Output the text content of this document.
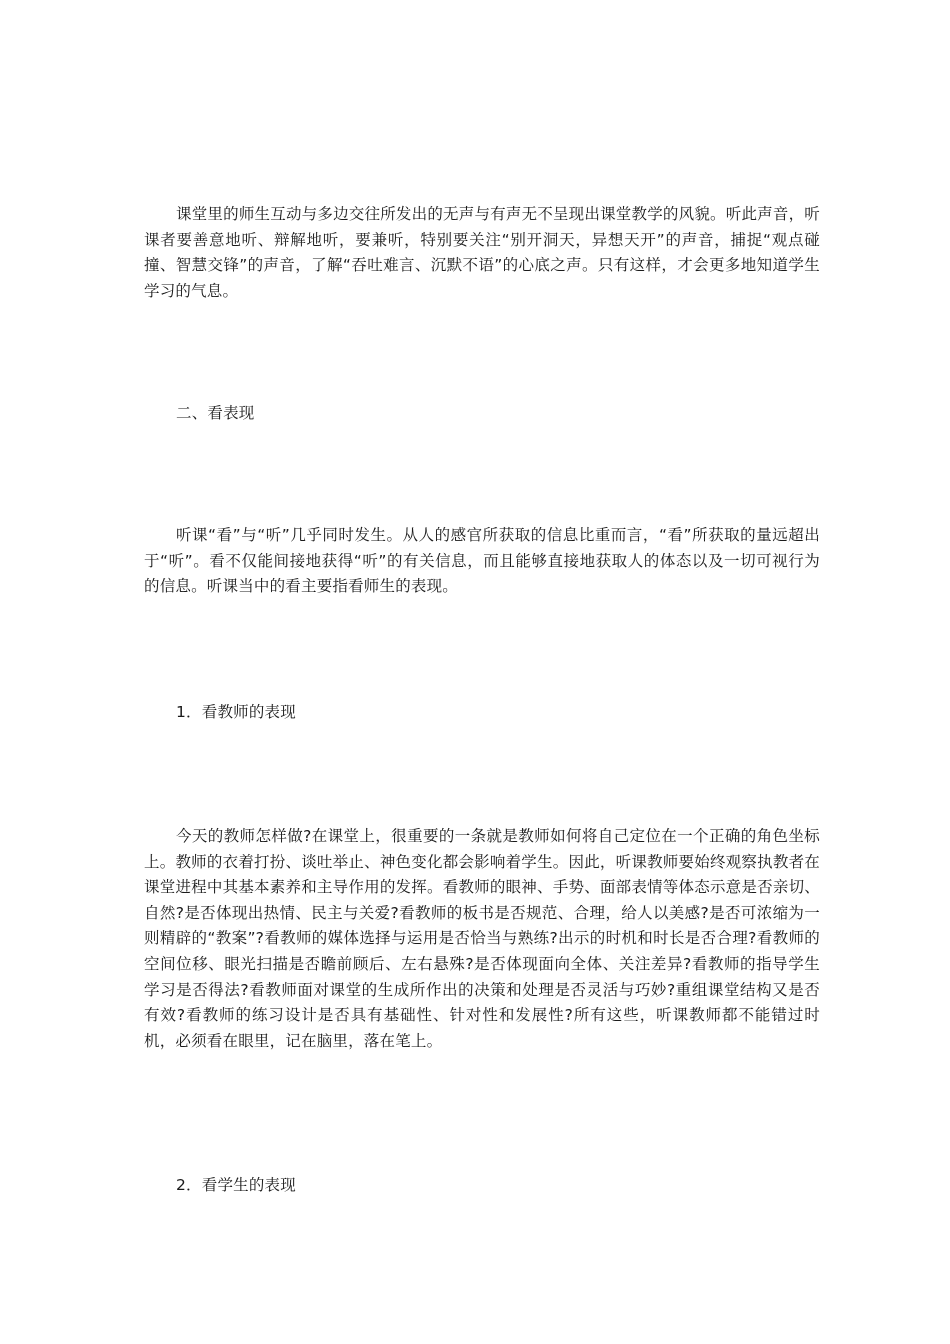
课堂里的师生互动与多边交往所发出的无声与有声无不呈现出课堂教学的风貌。听此声音，听课者要善意地听、辩解地听，要兼听，特别要关注“别开洞天，异想天开”的声音，捕捉“观点碰撞、智慧交锋”的声音，了解“吞吐难言、沉默不语”的心底之声。只有这样，才会更多地知道学生学习的气息。

二、看表现

听课“看”与“听”几乎同时发生。从人的感官所获取的信息比重而言，“看”所获取的量远超出于“听”。看不仅能间接地获得“听”的有关信息，而且能够直接地获取人的体态以及一切可视行为的信息。听课当中的看主要指看师生的表现。

1．看教师的表现

今天的教师怎样做?在课堂上，很重要的一条就是教师如何将自己定位在一个正确的角色坐标上。教师的衣着打扮、谈吐举止、神色变化都会影响着学生。因此，听课教师要始终观察执教者在课堂进程中其基本素养和主导作用的发挥。看教师的眼神、手势、面部表情等体态示意是否亲切、自然?是否体现出热情、民主与关爱?看教师的板书是否规范、合理，给人以美感?是否可浓缩为一则精辟的“教案”?看教师的媒体选择与运用是否恰当与熟练?出示的时机和时长是否合理?看教师的空间位移、眼光扫描是否瞻前顾后、左右悬殊?是否体现面向全体、关注差异?看教师的指导学生学习是否得法?看教师面对课堂的生成所作出的决策和处理是否灵活与巧妙?重组课堂结构又是否有效?看教师的练习设计是否具有基础性、针对性和发展性?所有这些，听课教师都不能错过时机，必须看在眼里，记在脑里，落在笔上。

2．看学生的表现
